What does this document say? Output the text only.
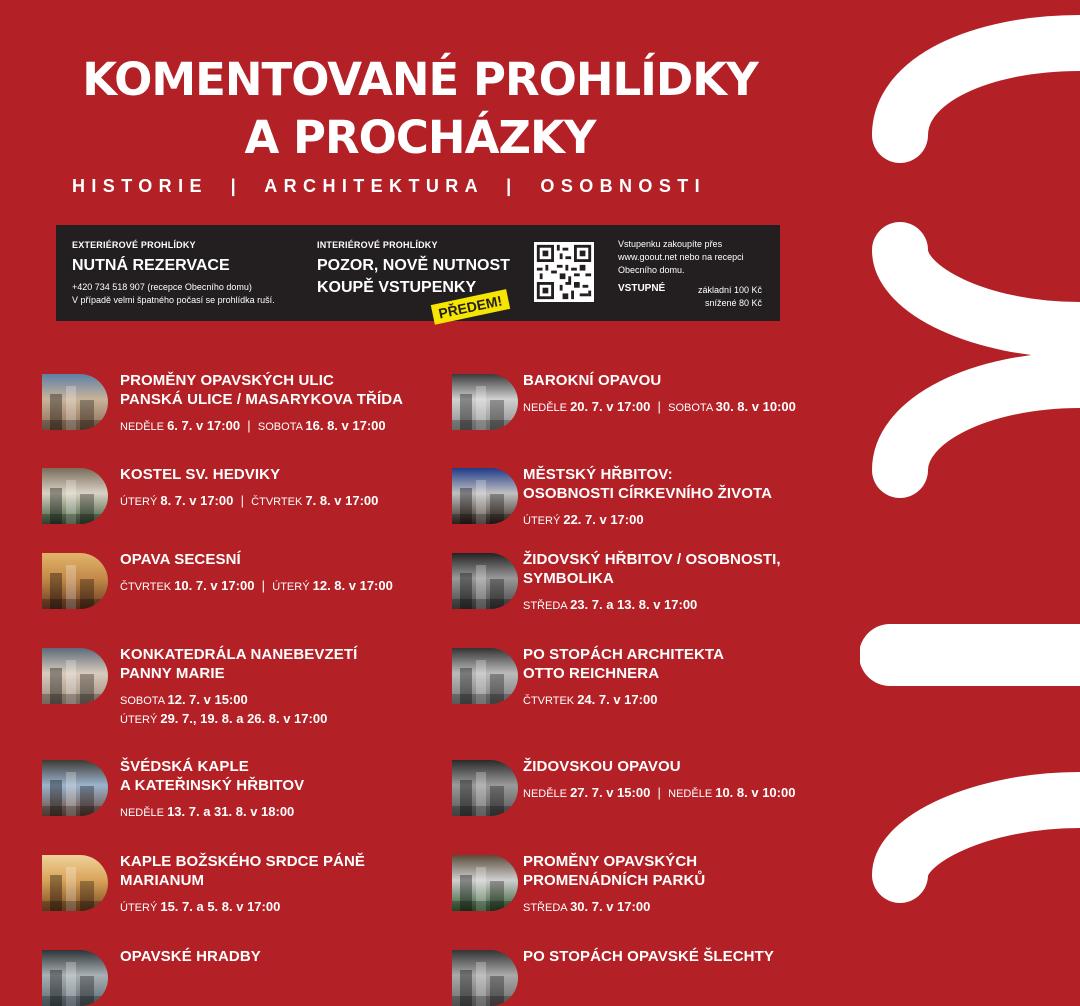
KOMENTOVANÉ PROHLÍDKY
A PROCHÁZKY
HISTORIE  |  ARCHITEKTURA  |  OSOBNOSTI
EXTERIÉROVÉ PROHLÍDKY
NUTNÁ REZERVACE
+420 734 518 907 (recepce Obecního domu)
V případě velmi špatného počasí se prohlídka ruší.
INTERIÉROVÉ PROHLÍDKY
POZOR, NOVĚ NUTNOST
KOUPĚ VSTUPENKY
PŘEDEM!
Vstupenku zakoupíte přes
www.goout.net nebo na recepci
Obecního domu.
VSTUPNÉ	základní 100 Kč
snížené 80 Kč
PROMĚNY OPAVSKÝCH ULIC
PANSKÁ ULICE / MASARYKOVA TŘÍDA
NEDĚLE 6. 7. v 17:00  |  SOBOTA 16. 8. v 17:00
KOSTEL SV. HEDVIKY
ÚTERÝ 8. 7. v 17:00  |  ČTVRTEK 7. 8. v 17:00
OPAVA SECESNÍ
ČTVRTEK 10. 7. v 17:00  |  ÚTERÝ 12. 8. v 17:00
KONKATEDRÁLA NANEBEVZETÍ
PANNY MARIE
SOBOTA 12. 7. v 15:00
ÚTERÝ 29. 7., 19. 8. a 26. 8. v 17:00
ŠVÉDSKÁ KAPLE
A KATEŘINSKÝ HŘBITOV
NEDĚLE 13. 7. a 31. 8. v 18:00
KAPLE BOŽSKÉHO SRDCE PÁNĚ
MARIANUM
ÚTERÝ 15. 7. a 5. 8. v 17:00
OPAVSKÉ HRADBY
BAROKNÍ OPAVOU
NEDĚLE 20. 7. v 17:00  |  SOBOTA 30. 8. v 10:00
MĚSTSKÝ HŘBITOV:
OSOBNOSTI CÍRKEVNÍHO ŽIVOTA
ÚTERÝ 22. 7. v 17:00
ŽIDOVSKÝ HŘBITOV / OSOBNOSTI,
SYMBOLIKA
STŘEDA 23. 7. a 13. 8. v 17:00
PO STOPÁCH ARCHITEKTA
OTTO REICHNERA
ČTVRTEK 24. 7. v 17:00
ŽIDOVSKOU OPAVOU
NEDĚLE 27. 7. v 15:00  |  NEDĚLE 10. 8. v 10:00
PROMĚNY OPAVSKÝCH
PROMENÁDNÍCH PARKŮ
STŘEDA 30. 7. v 17:00
PO STOPÁCH OPAVSKÉ ŠLECHTY
